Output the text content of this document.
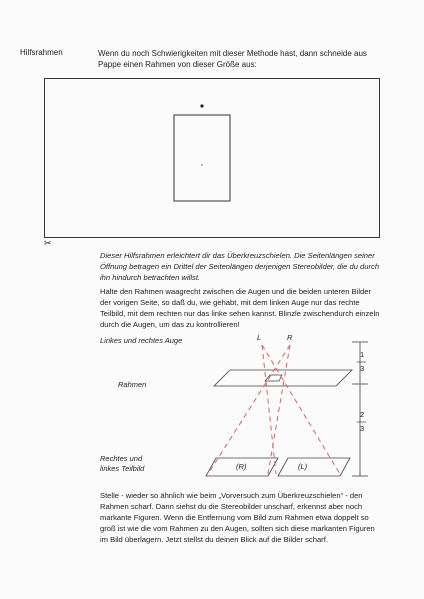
Hilfsrahmen	Wenn du noch Schwierigkeiten mit dieser Methode hast, dann schneide aus Pappe einen Rahmen von dieser Größe aus:
✂
Dieser Hilfsrahmen erleichtert dir das Überkreuzschielen. Die Seitenlängen seiner Öffnung betragen ein Drittel der Seitenlängen derjenigen Stereobilder, die du durch ihn hindurch betrachten willst.
Halte den Rahmen waagrecht zwischen die Augen und die beiden unteren Bilder der vorigen Seite, so daß du, wie gehabt, mit dem linken Auge nur das rechte Teilbild, mit dem rechten nur das linke sehen kannst. Blinzle zwischendurch einzeln durch die Augen, um das zu kontrollieren!
Linkes und rechtes Auge	L	R
Rahmen
Rechtes und
linkes Teilbild	(R)	(L)
1
3
2
3
Stelle - wieder so ähnlich wie beim „Vorversuch zum Überkreuzschielen“ - den Rahmen scharf. Dann siehst du die Stereobilder unscharf, erkennst aber noch markante Figuren. Wenn die Entfernung vom Bild zum Rahmen etwa doppelt so groß ist wie die vom Rahmen zu den Augen, sollten sich diese markanten Figuren im Bild überlagern. Jetzt stellst du deinen Blick auf die Bilder scharf.
